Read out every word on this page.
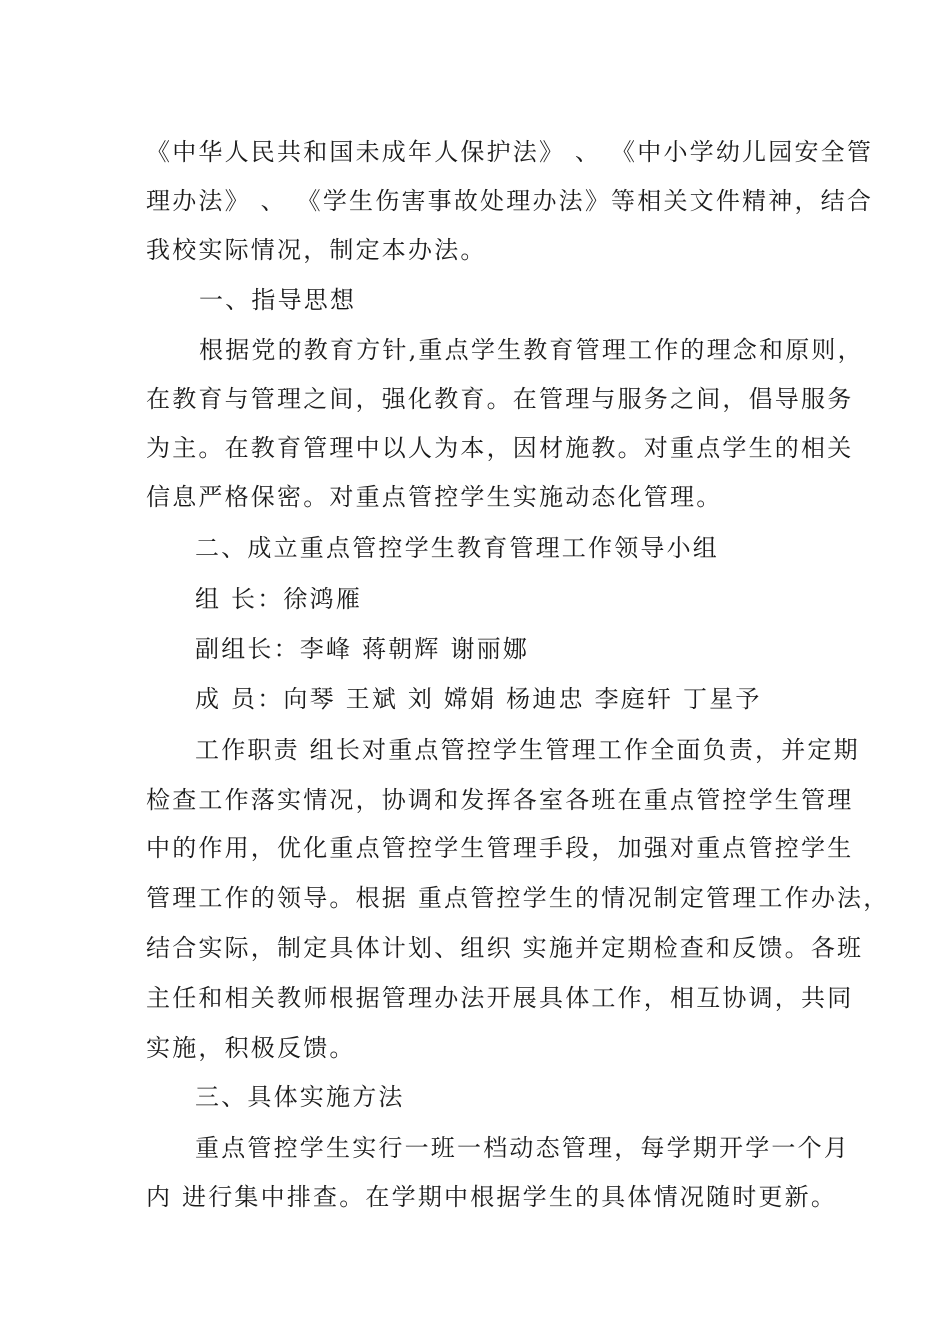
《中华人民共和国未成年人保护法》 、 《中小学幼儿园安全管
理办法》 、 《学生伤害事故处理办法》等相关文件精神，结合
我校实际情况，制定本办法。
一、指导思想
根据党的教育方针,重点学生教育管理工作的理念和原则，
在教育与管理之间，强化教育。在管理与服务之间，倡导服务
为主。在教育管理中以人为本，因材施教。对重点学生的相关
信息严格保密。对重点管控学生实施动态化管理。
二、成立重点管控学生教育管理工作领导小组
组 长：徐鸿雁
副组长：李峰 蒋朝辉 谢丽娜
成 员：向琴 王斌 刘 嫦娟 杨迪忠 李庭轩 丁星予
工作职责 组长对重点管控学生管理工作全面负责，并定期
检查工作落实情况，协调和发挥各室各班在重点管控学生管理
中的作用，优化重点管控学生管理手段，加强对重点管控学生
管理工作的领导。根据 重点管控学生的情况制定管理工作办法，
结合实际，制定具体计划、组织 实施并定期检查和反馈。各班
主任和相关教师根据管理办法开展具体工作，相互协调，共同
实施，积极反馈。
三、具体实施方法
重点管控学生实行一班一档动态管理，每学期开学一个月
内 进行集中排查。在学期中根据学生的具体情况随时更新。
